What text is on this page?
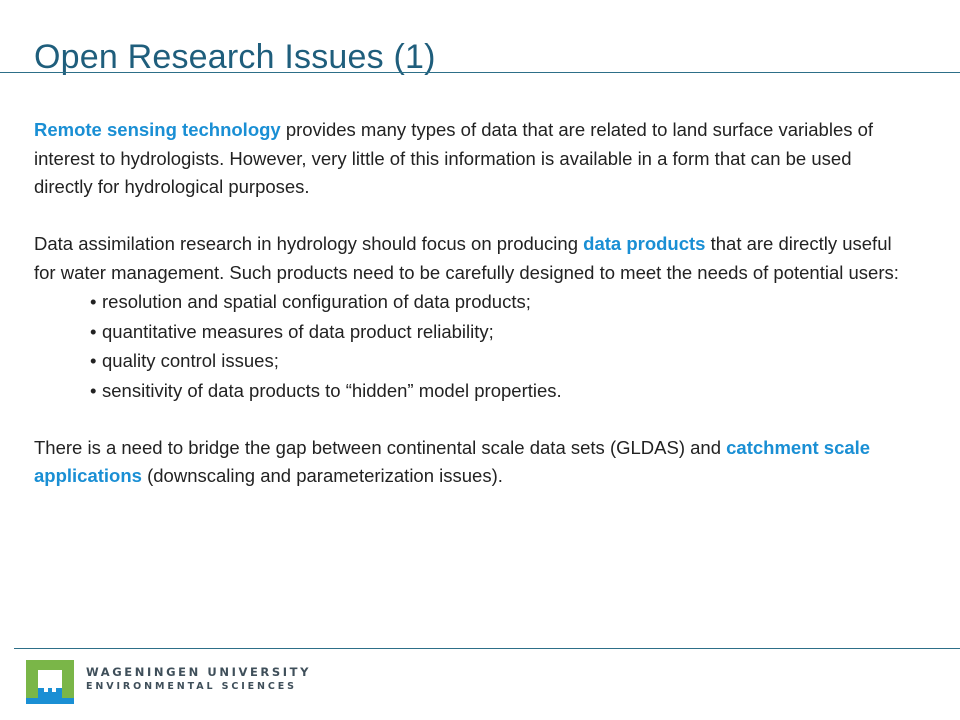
Open Research Issues (1)

Remote sensing technology provides many types of data that are related to land surface variables of interest to hydrologists. However, very little of this information is available in a form that can be used directly for hydrological purposes.

Data assimilation research in hydrology should focus on producing data products that are directly useful for water management. Such products need to be carefully designed to meet the needs of potential users:

• resolution and spatial configuration of data products;
• quantitative measures of data product reliability;
• quality control issues;
• sensitivity of data products to “hidden” model properties.

There is a need to bridge the gap between continental scale data sets (GLDAS) and catchment scale applications (downscaling and parameterization issues).

WAGENINGEN UNIVERSITY
ENVIRONMENTAL SCIENCES
